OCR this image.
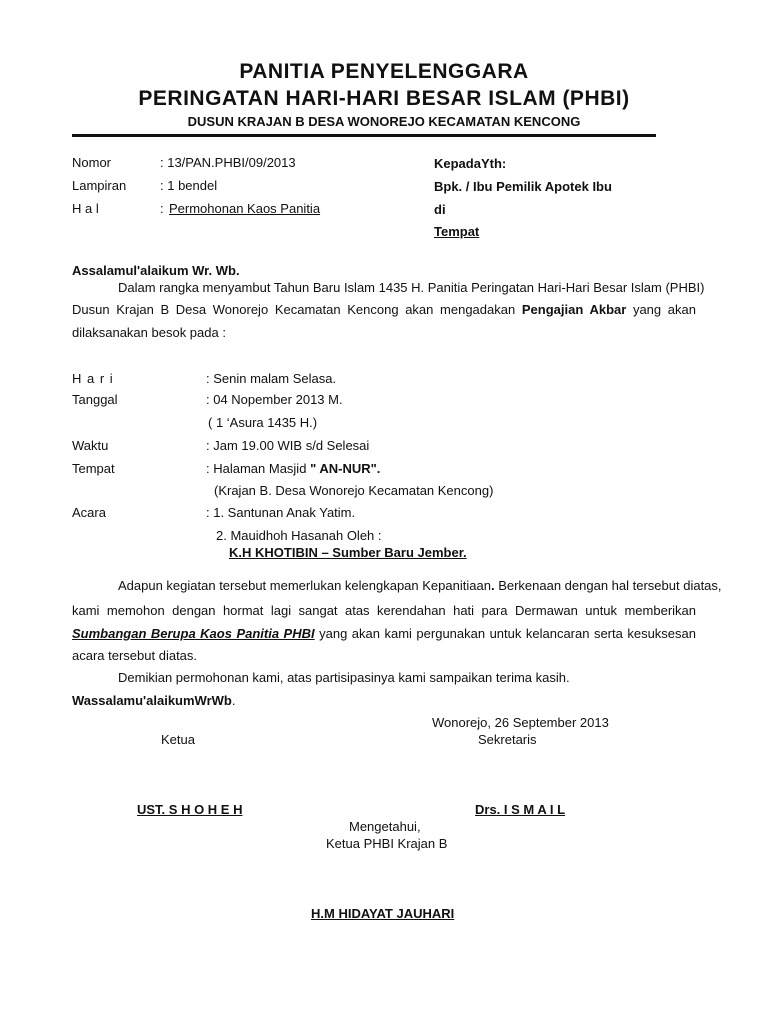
PANITIA PENYELENGGARA
PERINGATAN HARI-HARI BESAR ISLAM (PHBI)
DUSUN KRAJAN B DESA WONOREJO KECAMATAN KENCONG
Nomor	: 13/PAN.PHBI/09/2013
Lampiran	: 1 bendel
H a l	: Permohonan Kaos Panitia
KepadaYth:
Bpk. / Ibu Pemilik Apotek Ibu
di
Tempat
Assalamul'alaikum Wr. Wb.
Dalam rangka menyambut Tahun Baru Islam 1435 H. Panitia Peringatan Hari-Hari Besar Islam (PHBI)
Dusun Krajan B Desa Wonorejo Kecamatan Kencong akan mengadakan Pengajian Akbar yang akan
dilaksanakan besok pada :
H a r i	: Senin malam Selasa.
Tanggal	: 04 Nopember 2013 M.
( 1 ‘Asura 1435 H.)
Waktu	: Jam 19.00 WIB s/d Selesai
Tempat	: Halaman Masjid " AN-NUR".
(Krajan B. Desa Wonorejo Kecamatan Kencong)
Acara	: 1. Santunan Anak Yatim.
2. Mauidhoh Hasanah Oleh :
K.H KHOTIBIN – Sumber Baru Jember.
Adapun kegiatan tersebut memerlukan kelengkapan Kepanitiaan. Berkenaan dengan hal tersebut diatas,
kami memohon dengan hormat lagi sangat atas kerendahan hati para Dermawan untuk memberikan
Sumbangan Berupa Kaos Panitia PHBI yang akan kami pergunakan untuk kelancaran serta kesuksesan
acara tersebut diatas.
Demikian permohonan kami, atas partisipasinya kami sampaikan terima kasih.
Wassalamu'alaikumWrWb.
Wonorejo, 26 September 2013
Ketua	Sekretaris
UST. S H O H E H	Drs. I S M A I L
Mengetahui,
Ketua PHBI Krajan B
H.M HIDAYAT JAUHARI
